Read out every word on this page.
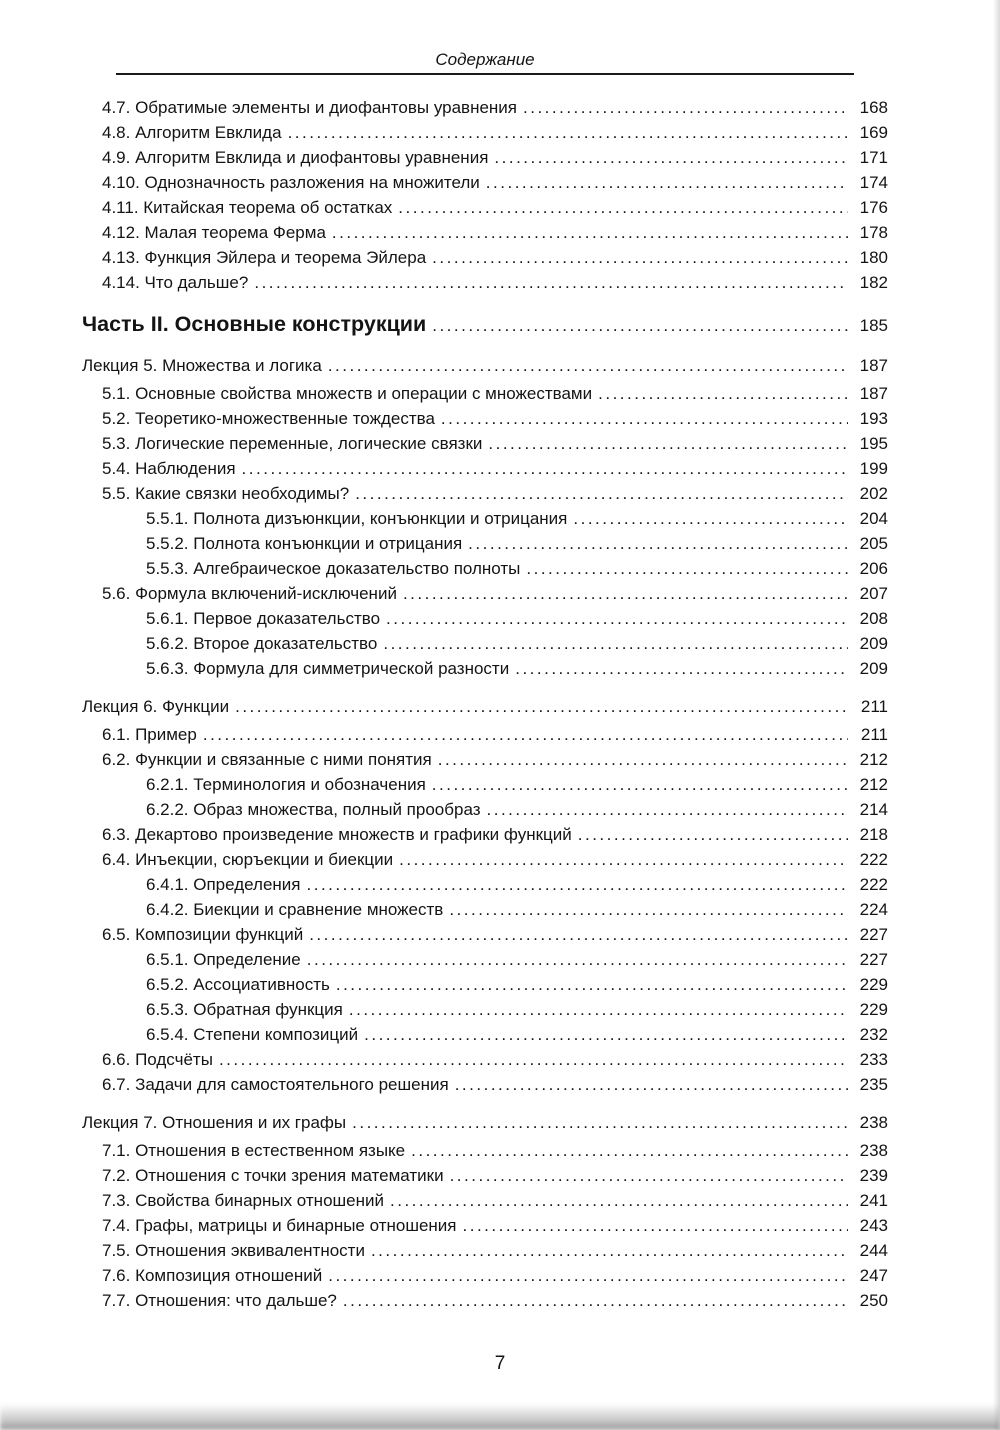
Содержание
4.7. Обратимые элементы и диофантовы уравнения .....	168
4.8. Алгоритм Евклида .....	169
4.9. Алгоритм Евклида и диофантовы уравнения .....	171
4.10. Однозначность разложения на множители .....	174
4.11. Китайская теорема об остатках .....	176
4.12. Малая теорема Ферма .....	178
4.13. Функция Эйлера и теорема Эйлера .....	180
4.14. Что дальше? .....	182
Часть II. Основные конструкции .....	185
Лекция 5. Множества и логика .....	187
5.1. Основные свойства множеств и операции с множествами .....	187
5.2. Теоретико-множественные тождества .....	193
5.3. Логические переменные, логические связки .....	195
5.4. Наблюдения .....	199
5.5. Какие связки необходимы? .....	202
5.5.1. Полнота дизъюнкции, конъюнкции и отрицания .....	204
5.5.2. Полнота конъюнкции и отрицания .....	205
5.5.3. Алгебраическое доказательство полноты .....	206
5.6. Формула включений-исключений .....	207
5.6.1. Первое доказательство .....	208
5.6.2. Второе доказательство .....	209
5.6.3. Формула для симметрической разности .....	209
Лекция 6. Функции .....	211
6.1. Пример .....	211
6.2. Функции и связанные с ними понятия .....	212
6.2.1. Терминология и обозначения .....	212
6.2.2. Образ множества, полный прообраз .....	214
6.3. Декартово произведение множеств и графики функций .....	218
6.4. Инъекции, сюръекции и биекции .....	222
6.4.1. Определения .....	222
6.4.2. Биекции и сравнение множеств .....	224
6.5. Композиции функций .....	227
6.5.1. Определение .....	227
6.5.2. Ассоциативность .....	229
6.5.3. Обратная функция .....	229
6.5.4. Степени композиций .....	232
6.6. Подсчёты .....	233
6.7. Задачи для самостоятельного решения .....	235
Лекция 7. Отношения и их графы .....	238
7.1. Отношения в естественном языке .....	238
7.2. Отношения с точки зрения математики .....	239
7.3. Свойства бинарных отношений .....	241
7.4. Графы, матрицы и бинарные отношения .....	243
7.5. Отношения эквивалентности .....	244
7.6. Композиция отношений .....	247
7.7. Отношения: что дальше? .....	250
7
